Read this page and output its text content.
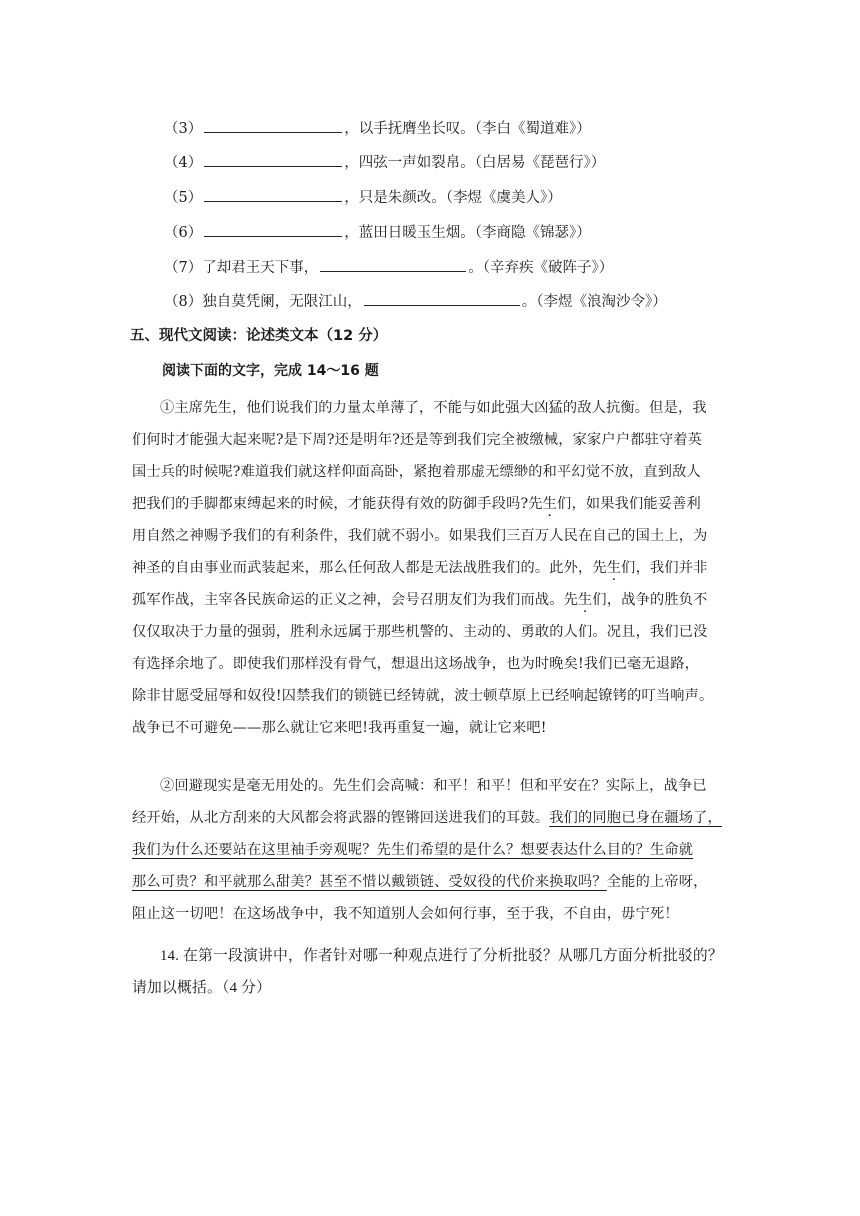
（3）	，以手抚膺坐长叹。（李白《蜀道难》）
（4）	，四弦一声如裂帛。（白居易《琵琶行》）
（5）	，只是朱颜改。（李煜《虞美人》）
（6）	，蓝田日暖玉生烟。（李商隐《锦瑟》）
（7）了却君王天下事，	。（辛弃疾《破阵子》）
（8）独自莫凭阑，无限江山，	。（李煜《浪淘沙令》）
五、现代文阅读：论述类文本（12 分）
阅读下面的文字，完成 14～16 题
①主席先生，他们说我们的力量太单薄了，不能与如此强大凶猛的敌人抗衡。但是，我
们何时才能强大起来呢?是下周?还是明年?还是等到我们完全被缴械，家家户户都驻守着英
国士兵的时候呢?难道我们就这样仰面高卧，紧抱着那虚无缥缈的和平幻觉不放，直到敌人
把我们的手脚都束缚起来的时候，才能获得有效的防御手段吗?先生们，如果我们能妥善利
用自然之神赐予我们的有利条件，我们就不弱小。如果我们三百万人民在自己的国土上，为
神圣的自由事业而武装起来，那么任何敌人都是无法战胜我们的。此外，先生们，我们并非
孤军作战，主宰各民族命运的正义之神，会号召朋友们为我们而战。先生们，战争的胜负不
仅仅取决于力量的强弱，胜利永远属于那些机警的、主动的、勇敢的人们。况且，我们已没
有选择余地了。即使我们那样没有骨气，想退出这场战争，也为时晚矣!我们已毫无退路，
除非甘愿受屈辱和奴役!囚禁我们的锁链已经铸就，波士顿草原上已经响起镣铐的叮当响声。
战争已不可避免——那么就让它来吧!我再重复一遍，就让它来吧!
②回避现实是毫无用处的。先生们会高喊：和平！和平！但和平安在？实际上，战争已
经开始，从北方刮来的大风都会将武器的铿锵回送进我们的耳鼓。我们的同胞已身在疆场了，
我们为什么还要站在这里袖手旁观呢？先生们希望的是什么？想要表达什么目的？生命就
那么可贵？和平就那么甜美？甚至不惜以戴锁链、受奴役的代价来换取吗？全能的上帝呀，
阻止这一切吧！在这场战争中，我不知道别人会如何行事，至于我，不自由，毋宁死！
14. 在第一段演讲中，作者针对哪一种观点进行了分析批驳？从哪几方面分析批驳的？
请加以概括。（4 分）
